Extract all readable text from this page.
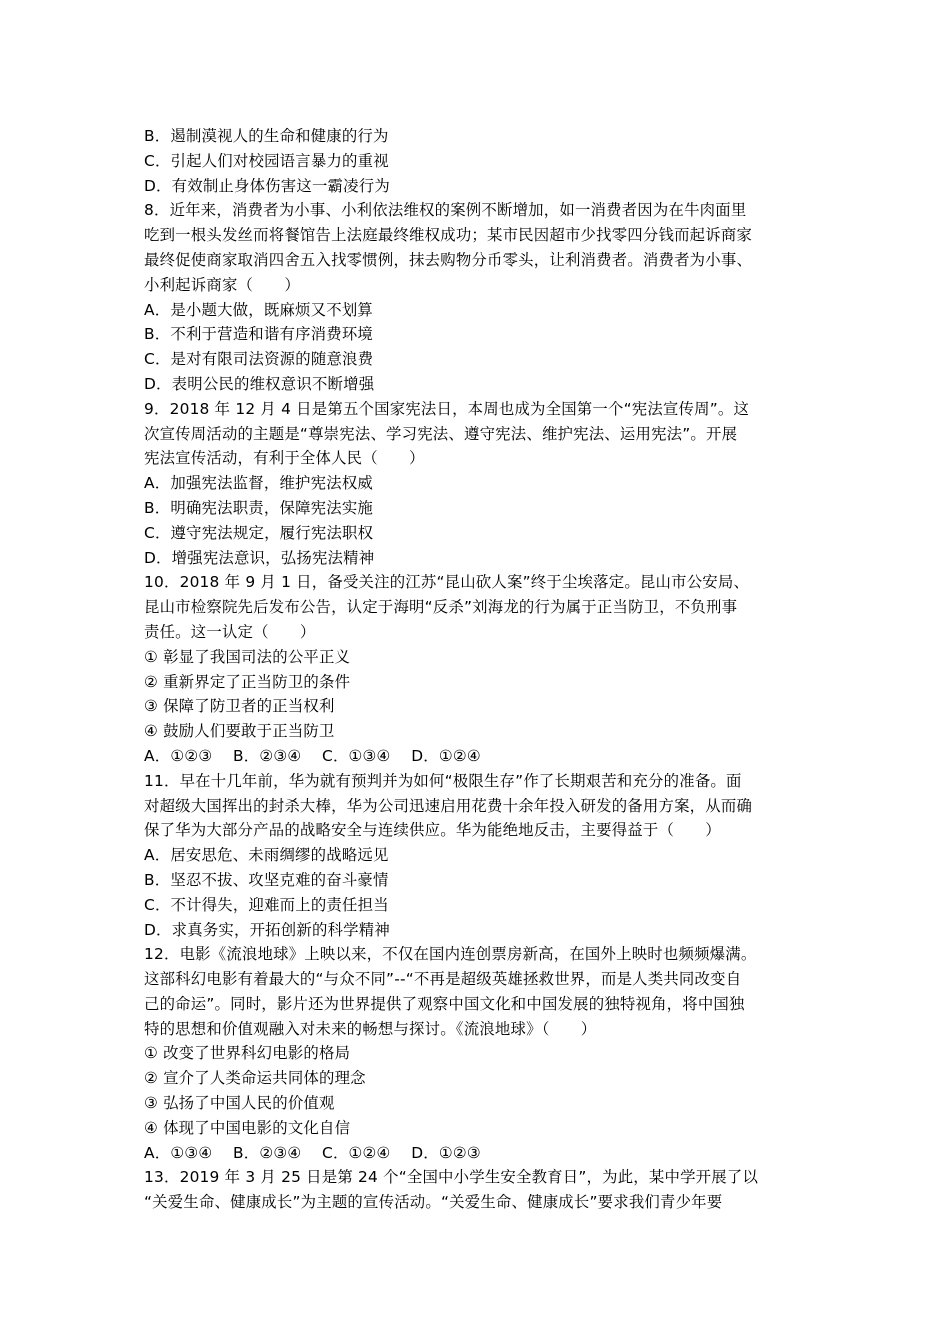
B．遏制漠视人的生命和健康的行为
C．引起人们对校园语言暴力的重视
D．有效制止身体伤害这一霸凌行为
8．近年来，消费者为小事、小利依法维权的案例不断增加，如一消费者因为在牛肉面里
吃到一根头发丝而将餐馆告上法庭最终维权成功；某市民因超市少找零四分钱而起诉商家
最终促使商家取消四舍五入找零惯例，抹去购物分币零头，让利消费者。消费者为小事、
小利起诉商家（　　）
A．是小题大做，既麻烦又不划算
B．不利于营造和谐有序消费环境
C．是对有限司法资源的随意浪费
D．表明公民的维权意识不断增强
9．2018 年 12 月 4 日是第五个国家宪法日，本周也成为全国第一个“宪法宣传周”。这
次宣传周活动的主题是“尊崇宪法、学习宪法、遵守宪法、维护宪法、运用宪法”。开展
宪法宣传活动，有利于全体人民（　　）
A．加强宪法监督，维护宪法权威
B．明确宪法职责，保障宪法实施
C．遵守宪法规定，履行宪法职权
D．增强宪法意识，弘扬宪法精神
10．2018 年 9 月 1 日，备受关注的江苏“昆山砍人案”终于尘埃落定。昆山市公安局、
昆山市检察院先后发布公告，认定于海明“反杀”刘海龙的行为属于正当防卫，不负刑事
责任。这一认定（　　）
① 彰显了我国司法的公平正义
② 重新界定了正当防卫的条件
③ 保障了防卫者的正当权利
④ 鼓励人们要敢于正当防卫
A．①②③　 B．②③④　 C．①③④　 D．①②④
11．早在十几年前，华为就有预判并为如何“极限生存”作了长期艰苦和充分的准备。面
对超级大国挥出的封杀大棒，华为公司迅速启用花费十余年投入研发的备用方案，从而确
保了华为大部分产品的战略安全与连续供应。华为能绝地反击，主要得益于（　　）
A．居安思危、未雨绸缪的战略远见
B．坚忍不拔、攻坚克难的奋斗豪情
C．不计得失，迎难而上的责任担当
D．求真务实，开拓创新的科学精神
12．电影《流浪地球》上映以来，不仅在国内连创票房新高，在国外上映时也频频爆满。
这部科幻电影有着最大的“与众不同”--“不再是超级英雄拯救世界，而是人类共同改变自
己的命运”。同时，影片还为世界提供了观察中国文化和中国发展的独特视角，将中国独
特的思想和价值观融入对未来的畅想与探讨。《流浪地球》（　　）
① 改变了世界科幻电影的格局
② 宣介了人类命运共同体的理念
③ 弘扬了中国人民的价值观
④ 体现了中国电影的文化自信
A．①③④　 B．②③④　 C．①②④　 D．①②③
13．2019 年 3 月 25 日是第 24 个“全国中小学生安全教育日”，为此，某中学开展了以
“关爱生命、健康成长”为主题的宣传活动。“关爱生命、健康成长”要求我们青少年要
